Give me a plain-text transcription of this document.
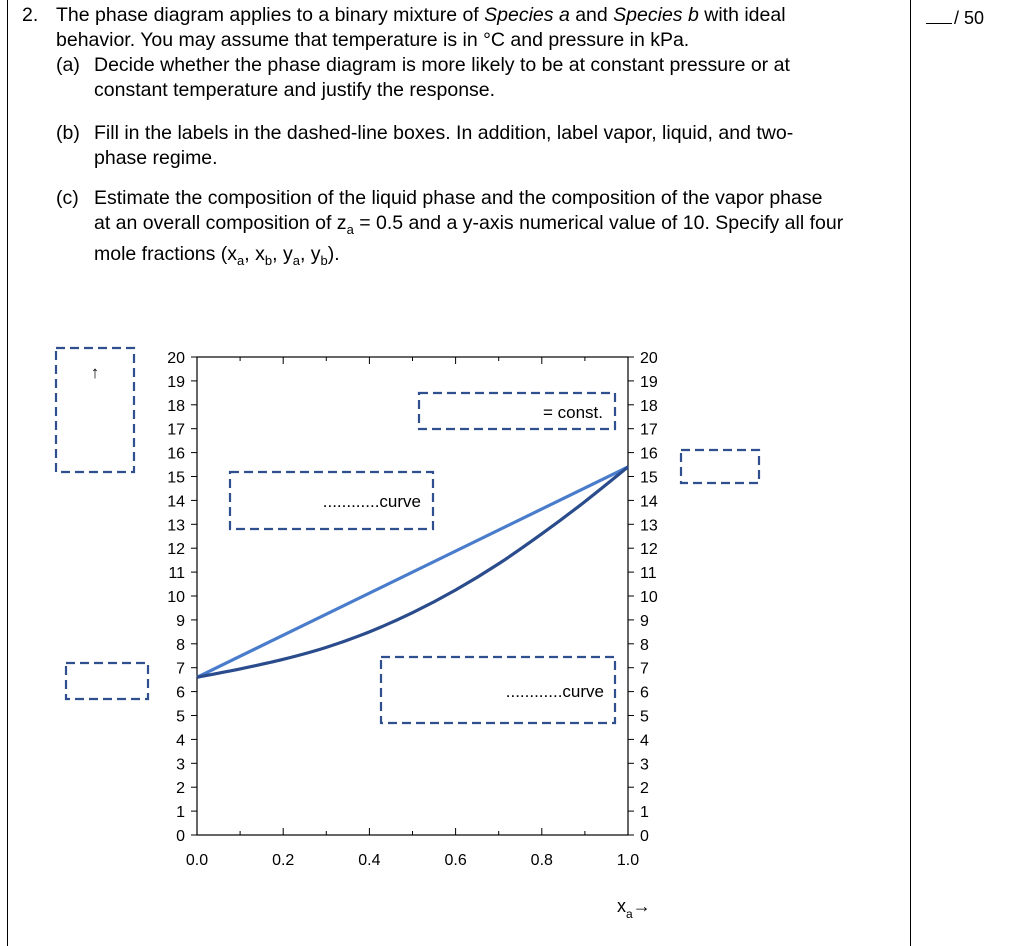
2. The phase diagram applies to a binary mixture of Species a and Species b with ideal
behavior. You may assume that temperature is in °C and pressure in kPa.
(a) Decide whether the phase diagram is more likely to be at constant pressure or at
constant temperature and justify the response.
(b) Fill in the labels in the dashed-line boxes. In addition, label vapor, liquid, and two-
phase regime.
(c) Estimate the composition of the liquid phase and the composition of the vapor phase
at an overall composition of $z_a = 0.5$ and a y-axis numerical value of 10. Specify all four
mole fractions ($x_a$, $x_b$, $y_a$, $y_b$).
/ 50
↑
= const.
............curve
............curve
0	0
1	1
2	2
3	3
4	4
5	5
6	6
7	7
8	8
9	9
10	10
11	11
12	12
13	13
14	14
15	15
16	16
17	17
18	18
19	19
20	20
0.0	0.2	0.4	0.6	0.8	1.0
$x_a\to$
